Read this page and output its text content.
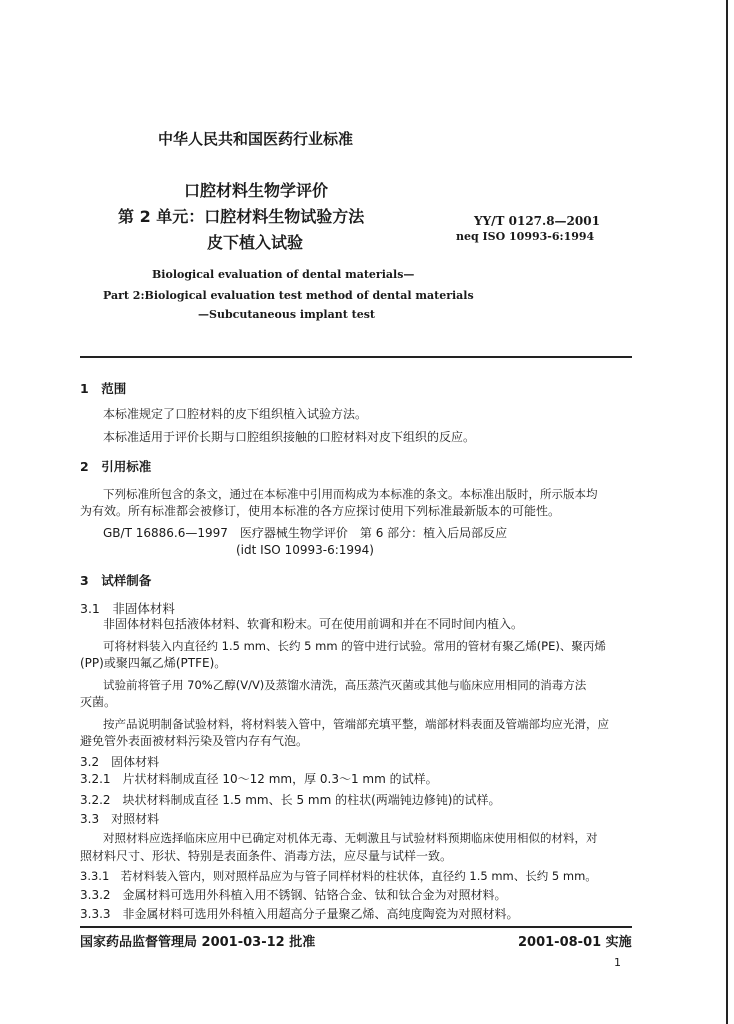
中华人民共和国医药行业标准
口腔材料生物学评价
第 2 单元：口腔材料生物试验方法
皮下植入试验
YY/T 0127.8—2001
neq ISO 10993-6:1994
Biological evaluation of dental materials—
Part 2:Biological evaluation test method of dental materials
—Subcutaneous implant test
1　范围
本标准规定了口腔材料的皮下组织植入试验方法。
本标准适用于评价长期与口腔组织接触的口腔材料对皮下组织的反应。
2　引用标准
下列标准所包含的条文，通过在本标准中引用而构成为本标准的条文。本标准出版时，所示版本均
为有效。所有标准都会被修订，使用本标准的各方应探讨使用下列标准最新版本的可能性。
GB/T 16886.6—1997　医疗器械生物学评价　第 6 部分：植入后局部反应
(idt ISO 10993-6:1994)
3　试样制备
3.1　非固体材料
非固体材料包括液体材料、软膏和粉末。可在使用前调和并在不同时间内植入。
可将材料装入内直径约 1.5 mm、长约 5 mm 的管中进行试验。常用的管材有聚乙烯(PE)、聚丙烯
(PP)或聚四氟乙烯(PTFE)。
试验前将管子用 70%乙醇(V/V)及蒸馏水清洗，高压蒸汽灭菌或其他与临床应用相同的消毒方法
灭菌。
按产品说明制备试验材料，将材料装入管中，管端部充填平整，端部材料表面及管端部均应光滑，应
避免管外表面被材料污染及管内存有气泡。
3.2　固体材料
3.2.1　片状材料制成直径 10～12 mm，厚 0.3～1 mm 的试样。
3.2.2　块状材料制成直径 1.5 mm、长 5 mm 的柱状(两端钝边修钝)的试样。
3.3　对照材料
对照材料应选择临床应用中已确定对机体无毒、无刺激且与试验材料预期临床使用相似的材料，对
照材料尺寸、形状、特别是表面条件、消毒方法，应尽量与试样一致。
3.3.1　若材料装入管内，则对照样品应为与管子同样材料的柱状体，直径约 1.5 mm、长约 5 mm。
3.3.2　金属材料可选用外科植入用不锈钢、钴铬合金、钛和钛合金为对照材料。
3.3.3　非金属材料可选用外科植入用超高分子量聚乙烯、高纯度陶瓷为对照材料。
国家药品监督管理局 2001-03-12 批准	2001-08-01 实施
1
